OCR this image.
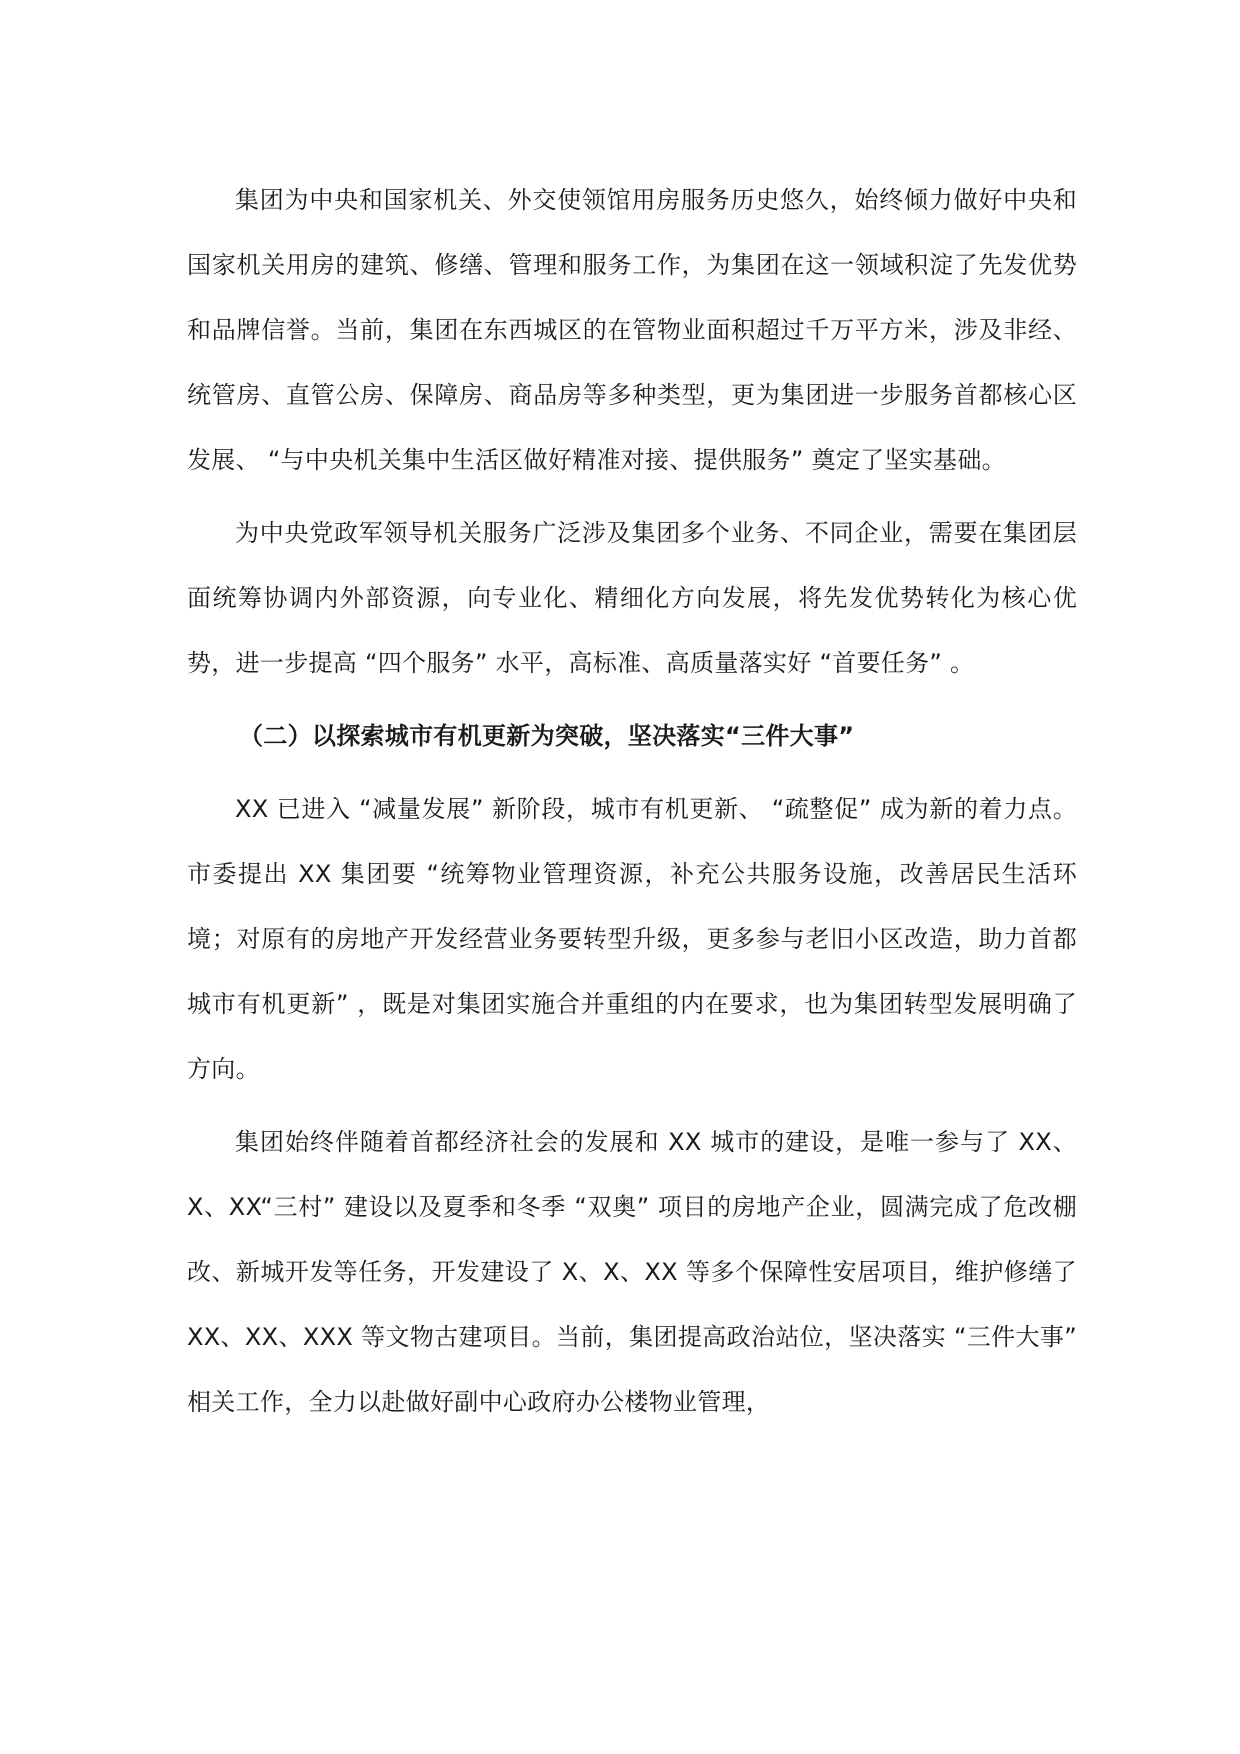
集团为中央和国家机关、外交使领馆用房服务历史悠久，始终倾力做好中央和国家机关用房的建筑、修缮、管理和服务工作，为集团在这一领域积淀了先发优势和品牌信誉。当前，集团在东西城区的在管物业面积超过千万平方米，涉及非经、统管房、直管公房、保障房、商品房等多种类型，更为集团进一步服务首都核心区发展、 “与中央机关集中生活区做好精准对接、提供服务” 奠定了坚实基础。

为中央党政军领导机关服务广泛涉及集团多个业务、不同企业，需要在集团层面统筹协调内外部资源，向专业化、精细化方向发展，将先发优势转化为核心优势，进一步提高 “四个服务” 水平，高标准、高质量落实好 “首要任务” 。

（二）以探索城市有机更新为突破，坚决落实“三件大事”

XX 已进入 “减量发展” 新阶段，城市有机更新、 “疏整促” 成为新的着力点。市委提出 XX 集团要 “统筹物业管理资源，补充公共服务设施，改善居民生活环境；对原有的房地产开发经营业务要转型升级，更多参与老旧小区改造，助力首都城市有机更新” ，既是对集团实施合并重组的内在要求，也为集团转型发展明确了方向。

集团始终伴随着首都经济社会的发展和 XX 城市的建设，是唯一参与了 XX、X、XX“三村” 建设以及夏季和冬季 “双奥” 项目的房地产企业，圆满完成了危改棚改、新城开发等任务，开发建设了 X、X、XX 等多个保障性安居项目，维护修缮了 XX、XX、XXX 等文物古建项目。当前，集团提高政治站位，坚决落实 “三件大事” 相关工作，全力以赴做好副中心政府办公楼物业管理，
